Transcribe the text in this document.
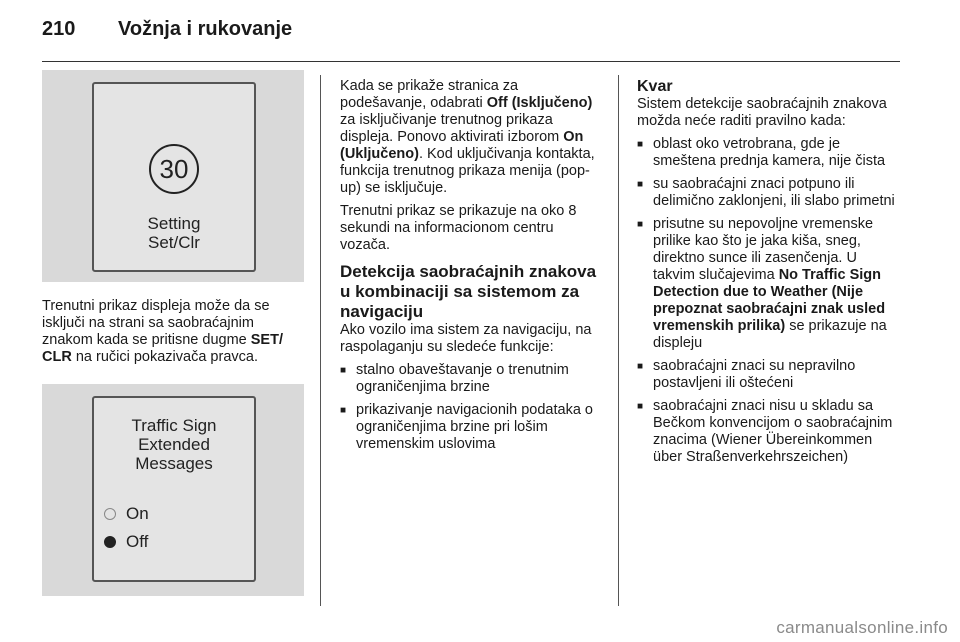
210	Vožnja i rukovanje
30
Setting
Set/Clr

Trenutni prikaz displeja može da se isključi na strani sa saobraćajnim znakom kada se pritisne dugme SET/ CLR na ručici pokazivača pravca.

Traffic Sign
Extended
Messages
On
Off

Kada se prikaže stranica za podešavanje, odabrati Off (Isključeno) za isključivanje trenutnog prikaza displeja. Ponovo aktivirati izborom On (Uključeno). Kod uključivanja kontakta, funkcija trenutnog prikaza menija (pop-up) se isključuje.

Trenutni prikaz se prikazuje na oko 8 sekundi na informacionom centru vozača.

Detekcija saobraćajnih znakova u kombinaciji sa sistemom za navigaciju

Ako vozilo ima sistem za navigaciju, na raspolaganju su sledeće funkcije:

■ stalno obaveštavanje o trenutnim ograničenjima brzine
■ prikazivanje navigacionih podataka o ograničenjima brzine pri lošim vremenskim uslovima
Kvar

Sistem detekcije saobraćajnih znakova možda neće raditi pravilno kada:

■ oblast oko vetrobrana, gde je smeštena prednja kamera, nije čista
■ su saobraćajni znaci potpuno ili delimično zaklonjeni, ili slabo primetni
■ prisutne su nepovoljne vremenske prilike kao što je jaka kiša, sneg, direktno sunce ili zasenčenja. U takvim slučajevima No Traffic Sign Detection due to Weather (Nije prepoznat saobraćajni znak usled vremenskih prilika) se prikazuje na displeju
■ saobraćajni znaci su nepravilno postavljeni ili oštećeni
■ saobraćajni znaci nisu u skladu sa Bečkom konvencijom o saobraćajnim znacima (Wiener Übereinkommen über Straßenverkehrszeichen)
carmanualsonline.info
